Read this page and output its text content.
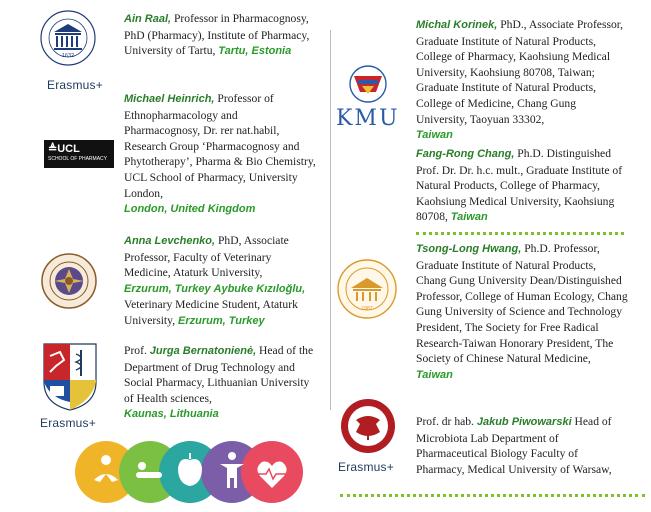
1632
Erasmus+
Ain Raal, Professor in Pharmacognosy, PhD (Pharmacy), Institute of Pharmacy, University of Tartu, Tartu, Estonia
≜UCL
SCHOOL OF PHARMACY
Michael Heinrich, Professor of Ethnopharmacology and Pharmacognosy, Dr. rer nat.habil, Research Group ‘Pharmacognosy and Phytotherapy’, Pharma & Bio Chemistry, UCL School of Pharmacy, University London,
London, United Kingdom
Anna Levchenko, PhD, Associate Professor, Faculty of Veterinary Medicine, Ataturk University,
Erzurum, Turkey Aybuke Kızıloğlu, Veterinary Medicine Student, Ataturk University, Erzurum, Turkey
Erasmus+
Prof. Jurga Bernatonienė, Head of the Department of Drug Technology and Social Pharmacy, Lithuanian University of Health sciences,
Kaunas, Lithuania
KMU
Michal Korinek, PhD., Associate Professor, Graduate Institute of Natural Products, College of Pharmacy, Kaohsiung Medical University, Kaohsiung 80708, Taiwan; Graduate Institute of Natural Products, College of Medicine, Chang Gung University, Taoyuan 33302,
Taiwan
Fang-Rong Chang, Ph.D. Distinguished Prof. Dr. Dr. h.c. mult., Graduate Institute of Natural Products, College of Pharmacy, Kaohsiung Medical University, Kaohsiung 80708, Taiwan
1987
Tsong-Long Hwang, Ph.D. Professor, Graduate Institute of Natural Products, Chang Gung University Dean/Distinguished Professor, College of Human Ecology, Chang Gung University of Science and Technology President, The Society for Free Radical Research-Taiwan Honorary President, The Society of Chinese Natural Medicine, Taiwan
Erasmus+
Prof. dr hab. Jakub Piwowarski Head of Microbiota Lab Department of Pharmaceutical Biology Faculty of Pharmacy, Medical University of Warsaw,
